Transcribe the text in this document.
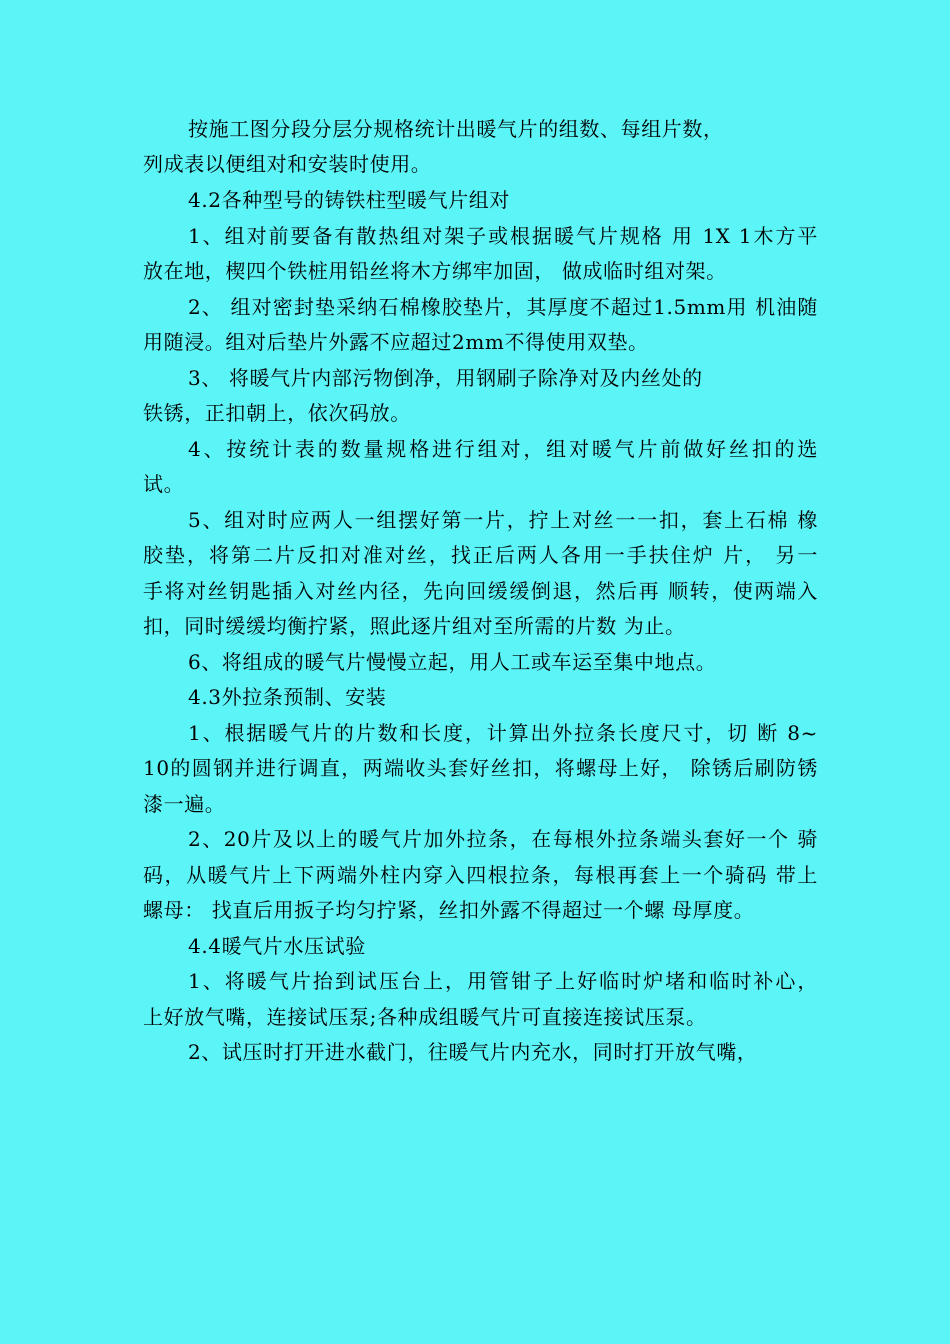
按施工图分段分层分规格统计出暖气片的组数、每组片数，
列成表以便组对和安装时使用。
4.2各种型号的铸铁柱型暖气片组对
1、组对前要备有散热组对架子或根据暖气片规格 用 1X 1木方平
放在地，楔四个铁桩用铅丝将木方绑牢加固， 做成临时组对架。
2、 组对密封垫采纳石棉橡胶垫片，其厚度不超过1.5mm用 机油随
用随浸。组对后垫片外露不应超过2mm不得使用双垫。
3、 将暖气片内部污物倒净，用钢刷子除净对及内丝处的
铁锈，正扣朝上，依次码放。
4、按统计表的数量规格进行组对，组对暖气片前做好丝扣的选
试。
5、组对时应两人一组摆好第一片，拧上对丝一一扣，套上石棉 橡
胶垫，将第二片反扣对准对丝，找正后两人各用一手扶住炉 片， 另一
手将对丝钥匙插入对丝内径，先向回缓缓倒退，然后再 顺转，使两端入
扣，同时缓缓均衡拧紧，照此逐片组对至所需的片数 为止。
6、将组成的暖气片慢慢立起，用人工或车运至集中地点。
4.3外拉条预制、安装
1、根据暖气片的片数和长度，计算出外拉条长度尺寸，切 断 8~
10的圆钢并进行调直，两端收头套好丝扣，将螺母上好， 除锈后刷防锈
漆一遍。
2、20片及以上的暖气片加外拉条，在每根外拉条端头套好一个 骑
码，从暖气片上下两端外柱内穿入四根拉条，每根再套上一个骑码 带上
螺母： 找直后用扳子均匀拧紧，丝扣外露不得超过一个螺 母厚度。
4.4暖气片水压试验
1、将暖气片抬到试压台上，用管钳子上好临时炉堵和临时补心，
上好放气嘴，连接试压泵;各种成组暖气片可直接连接试压泵。
2、试压时打开进水截门，往暖气片内充水，同时打开放气嘴，
